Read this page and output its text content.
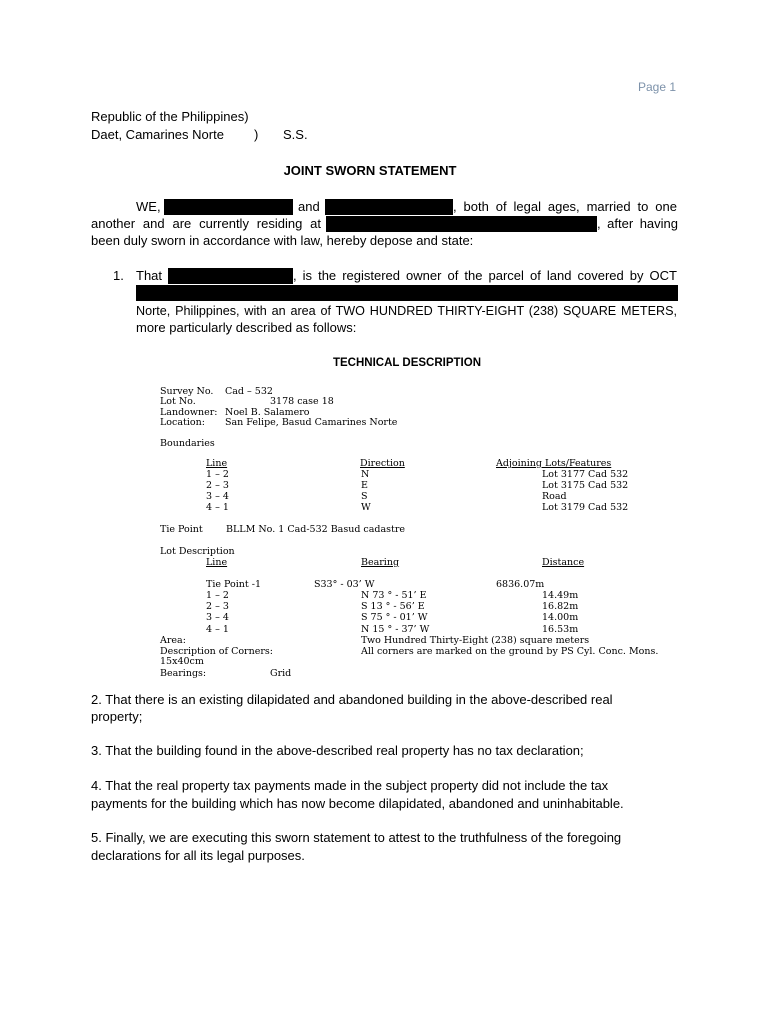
Page 1
Republic of the Philippines)
Daet, Camarines Norte ) S.S.
JOINT SWORN STATEMENT
WE,	and	, both of legal ages, married to one
another and are currently residing at	, after having
been duly sworn in accordance with law, hereby depose and state:
1. That	, is the registered owner of the parcel of land covered by OCT
Norte, Philippines, with an area of TWO HUNDRED THIRTY-EIGHT (238) SQUARE METERS,
more particularly described as follows:
TECHNICAL DESCRIPTION
Survey No. Cad – 532
Lot No.	3178 case 18
Landowner: Noel B. Salamero
Location: San Felipe, Basud Camarines Norte
Boundaries
Line	Direction	Adjoining Lots/Features
1 – 2	N	Lot 3177 Cad 532
2 – 3	E	Lot 3175 Cad 532
3 – 4	S	Road
4 – 1	W	Lot 3179 Cad 532
Tie Point BLLM No. 1 Cad-532 Basud cadastre
Lot Description
Line	Bearing	Distance
Tie Point -1	S33° - 03’ W	6836.07m
1 – 2	N 73 ° - 51’ E	14.49m
2 – 3	S 13 ° - 56’ E	16.82m
3 – 4	S 75 ° - 01’ W	14.00m
4 – 1	N 15 ° - 37’ W	16.53m
Area:	Two Hundred Thirty-Eight (238) square meters
Description of Corners:	All corners are marked on the ground by PS Cyl. Conc. Mons.
15x40cm
Bearings:	Grid
2. That there is an existing dilapidated and abandoned building in the above-described real
property;
3. That the building found in the above-described real property has no tax declaration;
4. That the real property tax payments made in the subject property did not include the tax
payments for the building which has now become dilapidated, abandoned and uninhabitable.
5. Finally, we are executing this sworn statement to attest to the truthfulness of the foregoing
declarations for all its legal purposes.
